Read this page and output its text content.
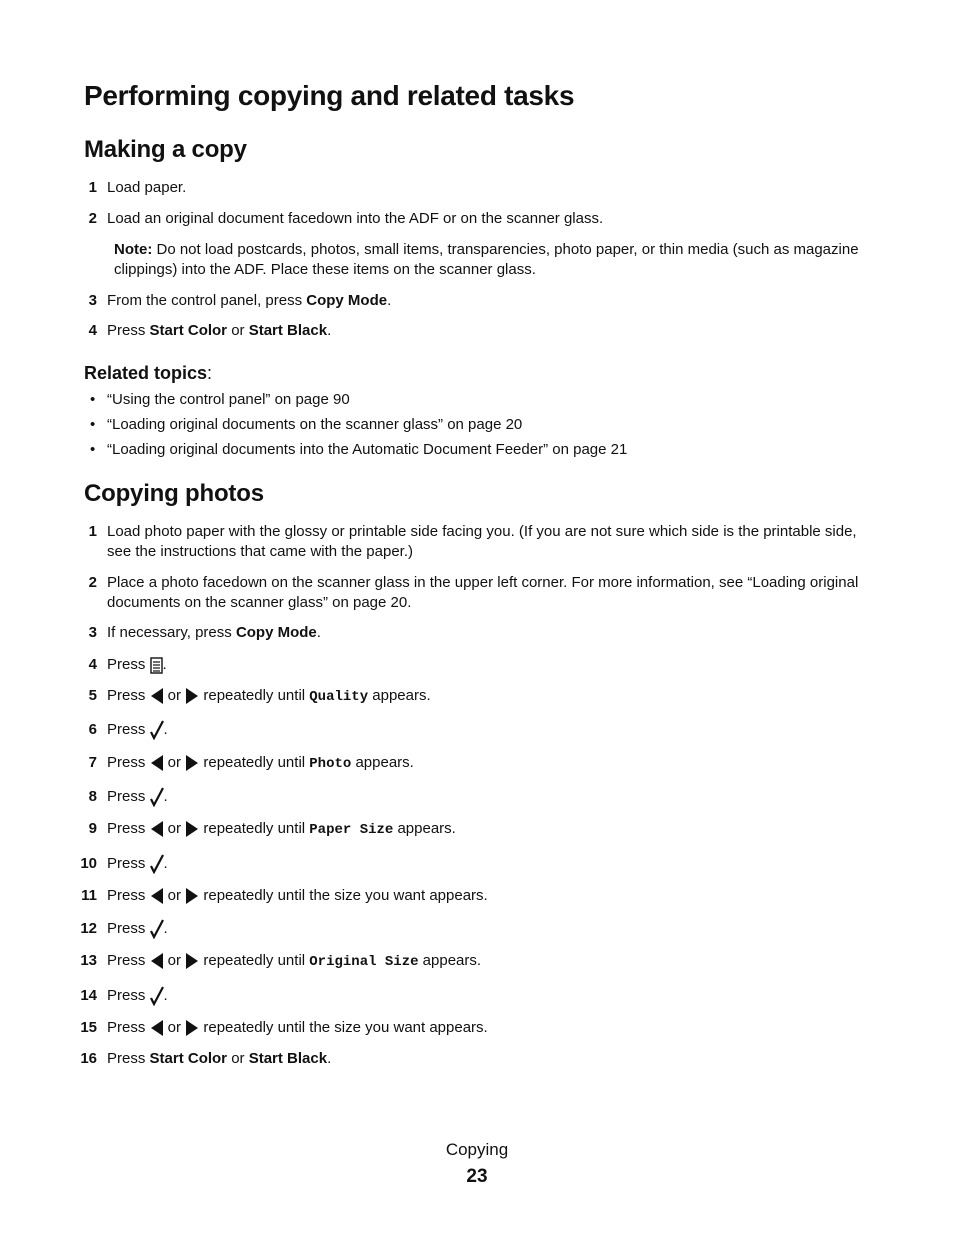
Performing copying and related tasks
Making a copy
1 Load paper.
2 Load an original document facedown into the ADF or on the scanner glass.
Note: Do not load postcards, photos, small items, transparencies, photo paper, or thin media (such as magazine clippings) into the ADF. Place these items on the scanner glass.
3 From the control panel, press Copy Mode.
4 Press Start Color or Start Black.
Related topics:
• “Using the control panel” on page 90
• “Loading original documents on the scanner glass” on page 20
• “Loading original documents into the Automatic Document Feeder” on page 21
Copying photos
1 Load photo paper with the glossy or printable side facing you. (If you are not sure which side is the printable side, see the instructions that came with the paper.)
2 Place a photo facedown on the scanner glass in the upper left corner. For more information, see “Loading original documents on the scanner glass” on page 20.
3 If necessary, press Copy Mode.
4 Press .
5 Press  or  repeatedly until Quality appears.
6 Press .
7 Press  or  repeatedly until Photo appears.
8 Press .
9 Press  or  repeatedly until Paper Size appears.
10 Press .
11 Press  or  repeatedly until the size you want appears.
12 Press .
13 Press  or  repeatedly until Original Size appears.
14 Press .
15 Press  or  repeatedly until the size you want appears.
16 Press Start Color or Start Black.
Copying
23
